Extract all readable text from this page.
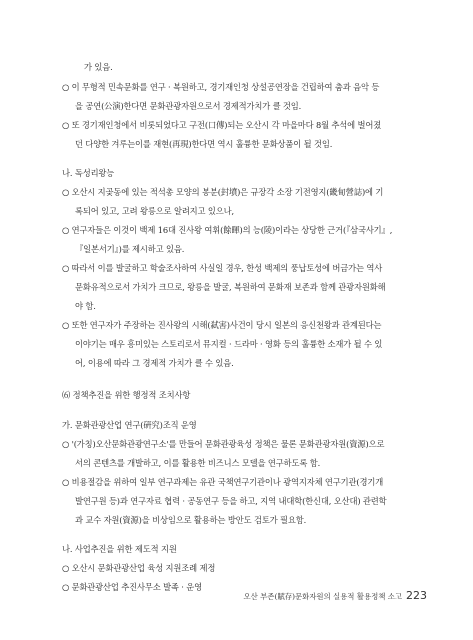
가 있음.
○ 이 무형적 민속문화를 연구 · 복원하고, 경기재인청 상설공연장을 건립하여 춤과 음악 등
을 공연(公演)한다면 문화관광자원으로서 경제적가치가 클 것임.
○ 또 경기재인청에서 비롯되었다고 구전(口傳)되는 오산시 각 마을마다 8월 추석에 벌어졌
던 다양한 겨루는이를 재현(再現)한다면 역시 훌륭한 문화상품이 될 것임.
나. 독성리왕능
○ 오산시 지곶동에 있는 적석총 모양의 봉분(封墳)은 규장각 소장 기전영지(畿甸營誌)에 기
록되어 있고, 고려 왕릉으로 알려지고 있으나,
○ 연구자들은 이것이 백제 16대 진사왕 여휘(餘暉)의 능(陵)이라는 상당한 근거(『삼국사기』,
『일본서기』)를 제시하고 있음.
○ 따라서 이를 발굴하고 학술조사하여 사실일 경우, 한성 백제의 풍납토성에 버금가는 역사
문화유적으로서 가치가 크므로, 왕릉을 발굴, 복원하여 문화재 보존과 함께 관광자원화해
야 함.
○ 또한 연구자가 주장하는 진사왕의 시해(弑害)사건이 당시 일본의 응신천왕과 관계된다는
이야기는 매우 흥미있는 스토리로서 뮤지컬 · 드라마 · 영화 등의 훌륭한 소재가 될 수 있
어, 이용에 따라 그 경제적 가치가 클 수 있음.
⑹ 정책추진을 위한 행정적 조치사항
가. 문화관광산업 연구(硏究)조직 운영
○ '(가칭)오산문화관광연구소'를 만들어 문화관광육성 정책은 물론 문화관광자원(資源)으로
서의 콘텐츠를 개발하고, 이를 활용한 비즈니스 모델을 연구하도록 함.
○ 비용절감을 위하여 일부 연구과제는 유관 국책연구기관이나 광역지자체 연구기관(경기개
발연구원 등)과 연구자료 협력 · 공동연구 등을 하고, 지역 내대학(한신대, 오산대) 관련학
과 교수 자원(資源)을 비상임으로 활용하는 방안도 검토가 필요함.
나. 사업추진을 위한 제도적 지원
○ 오산시 문화관광산업 육성 지원조례 제정
○ 문화관광산업 추진사무소 발족 · 운영
오산 부존(賦存)문화자원의 실용적 활용정책 소고 223
